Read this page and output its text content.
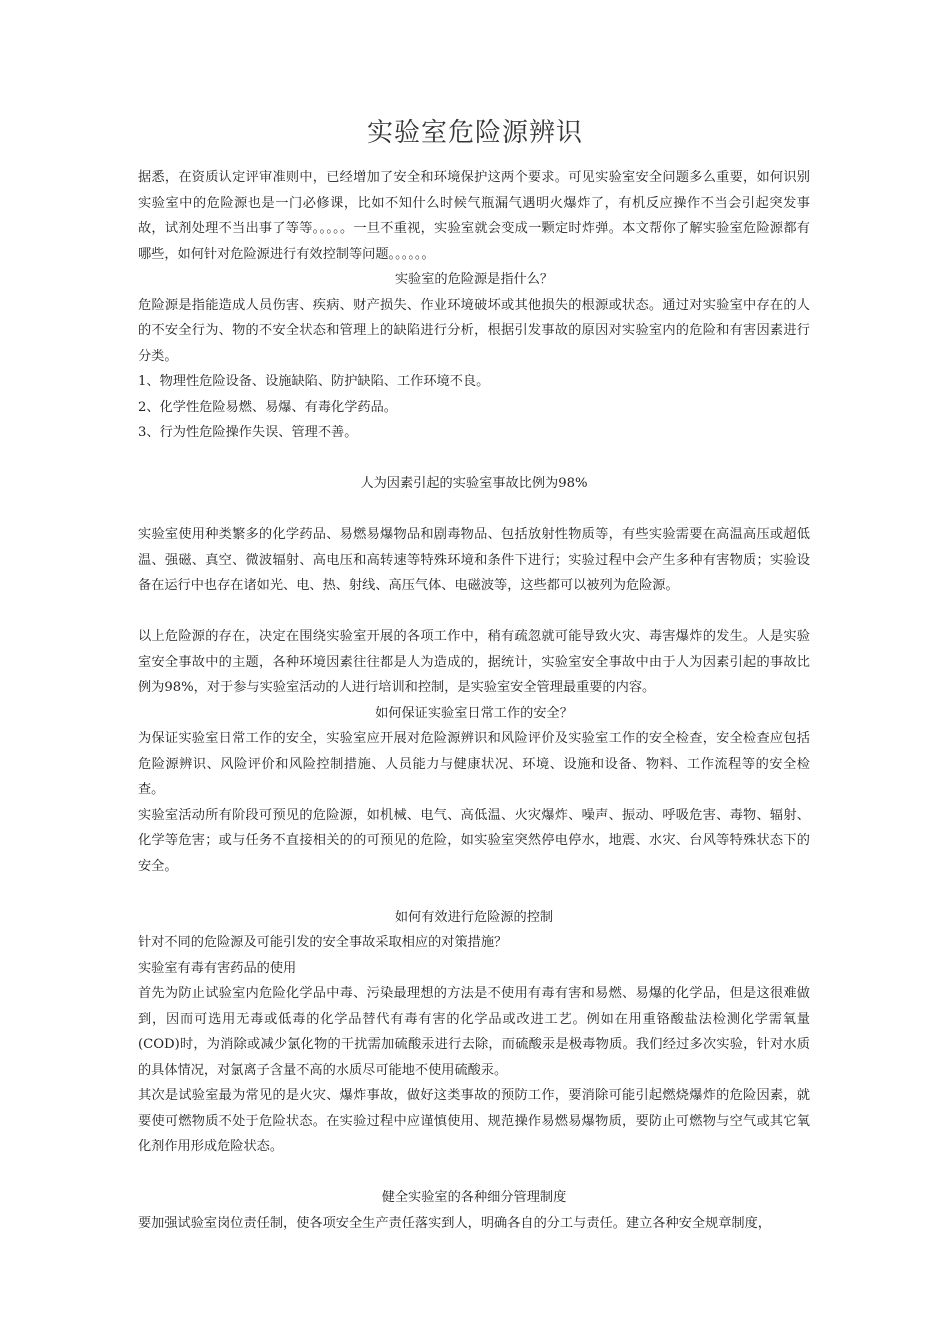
实验室危险源辨识
据悉，在资质认定评审准则中，已经增加了安全和环境保护这两个要求。可见实验室安全问题多么重要，如何识别实验室中的危险源也是一门必修课，比如不知什么时候气瓶漏气遇明火爆炸了，有机反应操作不当会引起突发事故，试剂处理不当出事了等等。。。。。一旦不重视，实验室就会变成一颗定时炸弹。本文帮你了解实验室危险源都有哪些，如何针对危险源进行有效控制等问题。。。。。。
实验室的危险源是指什么？
危险源是指能造成人员伤害、疾病、财产损失、作业环境破坏或其他损失的根源或状态。通过对实验室中存在的人的不安全行为、物的不安全状态和管理上的缺陷进行分析，根据引发事故的原因对实验室内的危险和有害因素进行分类。
1、物理性危险设备、设施缺陷、防护缺陷、工作环境不良。
2、化学性危险易燃、易爆、有毒化学药品。
3、行为性危险操作失误、管理不善。
人为因素引起的实验室事故比例为98%
实验室使用种类繁多的化学药品、易燃易爆物品和剧毒物品、包括放射性物质等，有些实验需要在高温高压或超低温、强磁、真空、微波辐射、高电压和高转速等特殊环境和条件下进行；实验过程中会产生多种有害物质；实验设备在运行中也存在诸如光、电、热、射线、高压气体、电磁波等，这些都可以被列为危险源。
以上危险源的存在，决定在围绕实验室开展的各项工作中，稍有疏忽就可能导致火灾、毒害爆炸的发生。人是实验室安全事故中的主题，各种环境因素往往都是人为造成的，据统计，实验室安全事故中由于人为因素引起的事故比例为98%，对于参与实验室活动的人进行培训和控制，是实验室安全管理最重要的内容。
如何保证实验室日常工作的安全？
为保证实验室日常工作的安全，实验室应开展对危险源辨识和风险评价及实验室工作的安全检查，安全检查应包括危险源辨识、风险评价和风险控制措施、人员能力与健康状况、环境、设施和设备、物料、工作流程等的安全检查。
实验室活动所有阶段可预见的危险源，如机械、电气、高低温、火灾爆炸、噪声、振动、呼吸危害、毒物、辐射、化学等危害；或与任务不直接相关的的可预见的危险，如实验室突然停电停水，地震、水灾、台风等特殊状态下的安全。
如何有效进行危险源的控制
针对不同的危险源及可能引发的安全事故采取相应的对策措施？
实验室有毒有害药品的使用
首先为防止试验室内危险化学品中毒、污染最理想的方法是不使用有毒有害和易燃、易爆的化学品，但是这很难做到，因而可选用无毒或低毒的化学品替代有毒有害的化学品或改进工艺。例如在用重铬酸盐法检测化学需氧量(COD)时，为消除或减少氯化物的干扰需加硫酸汞进行去除，而硫酸汞是极毒物质。我们经过多次实验，针对水质的具体情况，对氯离子含量不高的水质尽可能地不使用硫酸汞。
其次是试验室最为常见的是火灾、爆炸事故，做好这类事故的预防工作，要消除可能引起燃烧爆炸的危险因素，就要使可燃物质不处于危险状态。在实验过程中应谨慎使用、规范操作易燃易爆物质，要防止可燃物与空气或其它氧化剂作用形成危险状态。
健全实验室的各种细分管理制度
要加强试验室岗位责任制，使各项安全生产责任落实到人，明确各自的分工与责任。建立各种安全规章制度，
